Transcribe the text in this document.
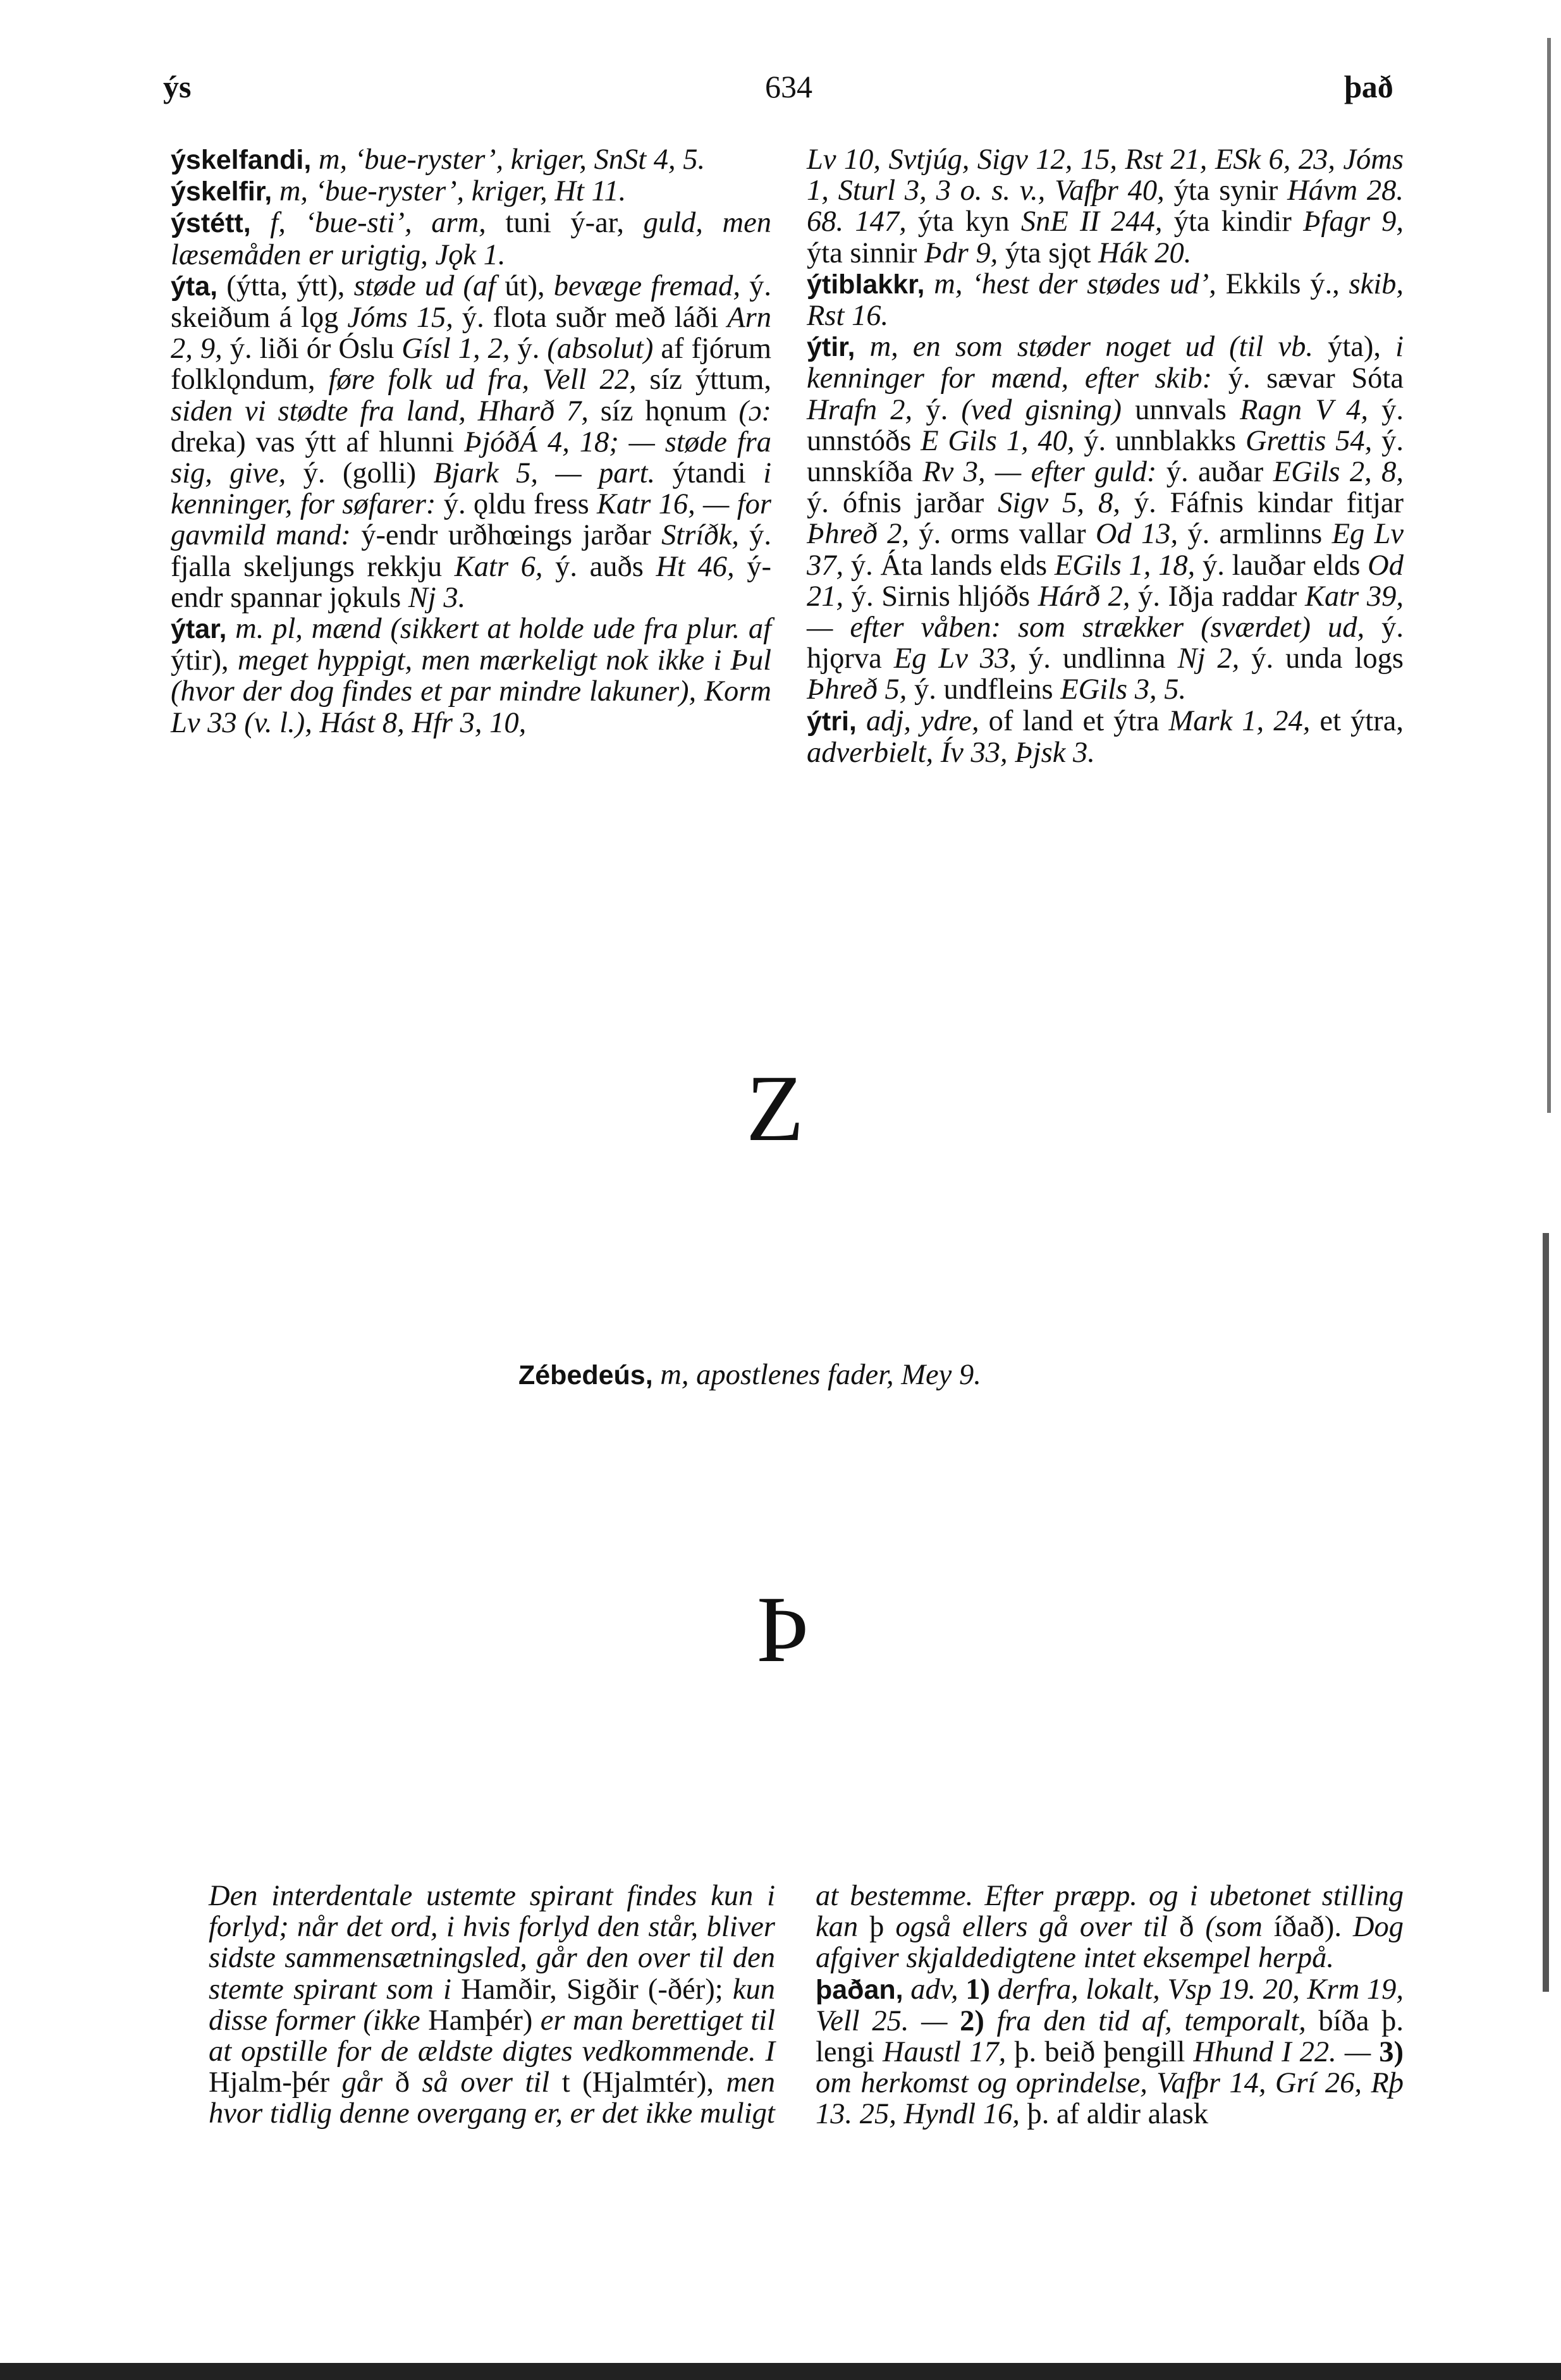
ýs	634	það

ýskelfandi, m, ‘bue-ryster’, kriger, SnSt 4, 5.

ýskelfir, m, ‘bue-ryster’, kriger, Ht 11.

ýstétt, f, ‘bue-sti’, arm, tuni ý-ar, guld, men læsemåden er urigtig, Jǫk 1.

ýta, (ýtta, ýtt), støde ud (af út), bevæge fremad, ý. skeiðum á lǫg Jóms 15, ý. flota suðr með láði Arn 2, 9, ý. liði ór Óslu Gísl 1, 2, ý. (absolut) af fjórum folklǫndum, føre folk ud fra, Vell 22, síz ýttum, siden vi stødte fra land, Hharð 7, síz hǫnum (ɔ: dreka) vas ýtt af hlunni ÞjóðÁ 4, 18; — støde fra sig, give, ý. (golli) Bjark 5, — part. ýtandi i kenninger, for søfarer: ý. ǫldu fress Katr 16, — for gavmild mand: ý-endr urðhœings jarðar Stríðk, ý. fjalla skeljungs rekkju Katr 6, ý. auðs Ht 46, ý-endr spannar jǫkuls Nj 3.

ýtar, m. pl, mænd (sikkert at holde ude fra plur. af ýtir), meget hyppigt, men mærkeligt nok ikke i Þul (hvor der dog findes et par mindre lakuner), Korm Lv 33 (v. l.), Hást 8, Hfr 3, 10,

Lv 10, Svtjúg, Sigv 12, 15, Rst 21, ESk 6, 23, Jóms 1, Sturl 3, 3 o. s. v., Vafþr 40, ýta synir Hávm 28. 68. 147, ýta kyn SnE II 244, ýta kindir Þfagr 9, ýta sinnir Þdr 9, ýta sjǫt Hák 20.

ýtiblakkr, m, ‘hest der stødes ud’, Ekkils ý., skib, Rst 16.

ýtir, m, en som støder noget ud (til vb. ýta), i kenninger for mænd, efter skib: ý. sævar Sóta Hrafn 2, ý. (ved gisning) unnvals Ragn V 4, ý. unnstóðs E Gils 1, 40, ý. unnblakks Grettis 54, ý. unnskíða Rv 3, — efter guld: ý. auðar EGils 2, 8, ý. ófnis jarðar Sigv 5, 8, ý. Fáfnis kindar fitjar Þhreð 2, ý. orms vallar Od 13, ý. armlinns Eg Lv 37, ý. Áta lands elds EGils 1, 18, ý. lauðar elds Od 21, ý. Sirnis hljóðs Hárð 2, ý. Iðja raddar Katr 39, — efter våben: som strækker (sværdet) ud, ý. hjǫrva Eg Lv 33, ý. undlinna Nj 2, ý. unda logs Þhreð 5, ý. undfleins EGils 3, 5.

ýtri, adj, ydre, of land et ýtra Mark 1, 24, et ýtra, adverbielt, Ív 33, Þjsk 3.

Z

Zébedeús, m, apostlenes fader, Mey 9.

Þ

Den interdentale ustemte spirant findes kun i forlyd; når det ord, i hvis forlyd den står, bliver sidste sammensætningsled, går den over til den stemte spirant som i Hamðir, Sigðir (-ðér); kun disse former (ikke Hamþér) er man berettiget til at opstille for de ældste digtes vedkommende. I Hjalm-þér går ð så over til t (Hjalmtér), men hvor tidlig denne overgang er, er det ikke muligt

at bestemme. Efter præpp. og i ubetonet stilling kan þ også ellers gå over til ð (som íðað). Dog afgiver skjaldedigtene intet eksempel herpå.

þaðan, adv, 1) derfra, lokalt, Vsp 19. 20, Krm 19, Vell 25. — 2) fra den tid af, temporalt, bíða þ. lengi Haustl 17, þ. beið þengill Hhund I 22. — 3) om herkomst og oprindelse, Vafþr 14, Grí 26, Rþ 13. 25, Hyndl 16, þ. af aldir alask
